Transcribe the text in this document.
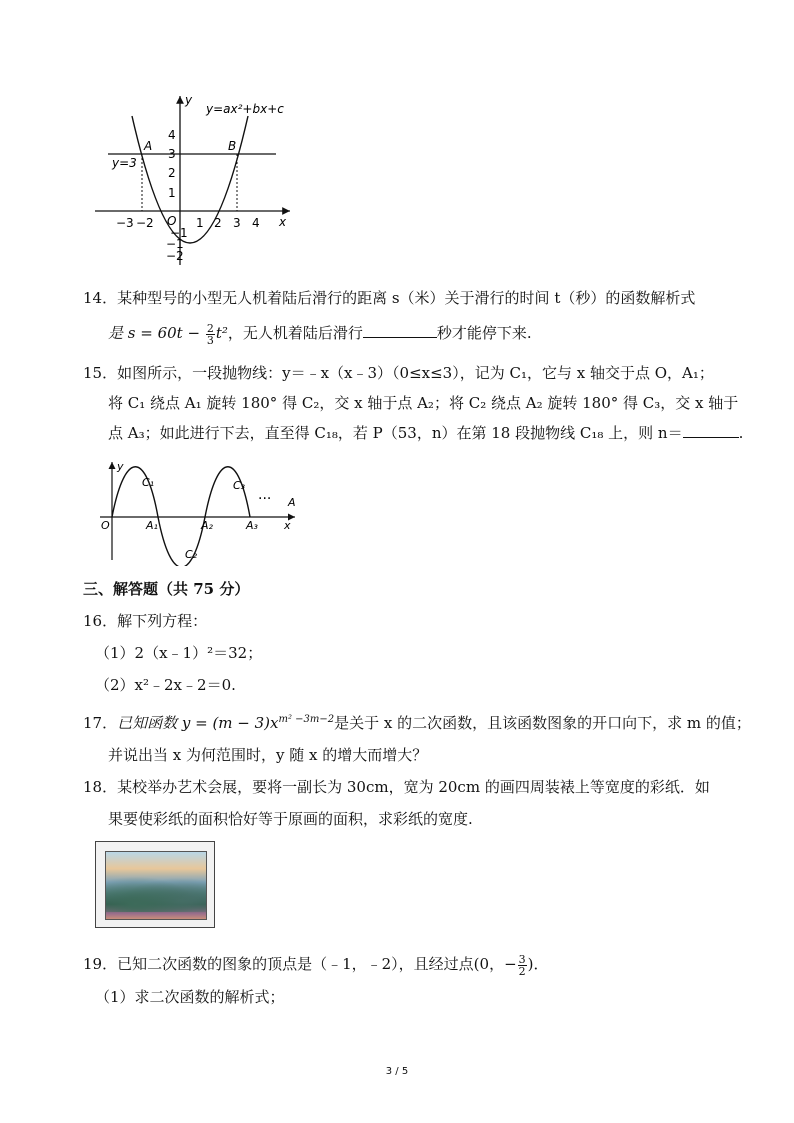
y=ax²+bx+c
y=3
A	B
O	x
y
−3 −2
−1
1 2 3 4
4
3
2
1
−1
−2
14．某种型号的小型无人机着陆后滑行的距离 s（米）关于滑行的时间 t（秒）的函数解析式
是 $s = 60t - \frac{2}{3} t^2$，无人机着陆后滑行	秒才能停下来.
15．如图所示，一段抛物线：y＝﹣x（x﹣3）（0≤x≤3），记为 C₁，它与 x 轴交于点 O，A₁；
将 C₁ 绕点 A₁ 旋转 180° 得 C₂，交 x 轴于点 A₂；将 C₂ 绕点 A₂ 旋转 180° 得 C₃，交 x 轴于
点 A₃；如此进行下去，直至得 C₁₈，若 P（53，n）在第 18 段抛物线 C₁₈ 上，则 n＝	.
y
x
O
C₁
C₂
C₃
A₁	A₂	A₃
··· A
三、解答题（共 75 分）
16．解下列方程：
（1）2（x﹣1）²＝32；
（2）x²﹣2x﹣2＝0.
17．已知函数 $y = (m - 3)x^{m^2 -3m-2}$是关于 x 的二次函数，且该函数图象的开口向下，求 m 的值；
并说出当 x 为何范围时，y 随 x 的增大而增大？
18．某校举办艺术会展，要将一副长为 30cm，宽为 20cm 的画四周装裱上等宽度的彩纸．如
果要使彩纸的面积恰好等于原画的面积，求彩纸的宽度.
19．已知二次函数的图象的顶点是（﹣1，﹣2），且经过点(0，− $\frac{3}{2}$ )．
（1）求二次函数的解析式；
3 / 5
